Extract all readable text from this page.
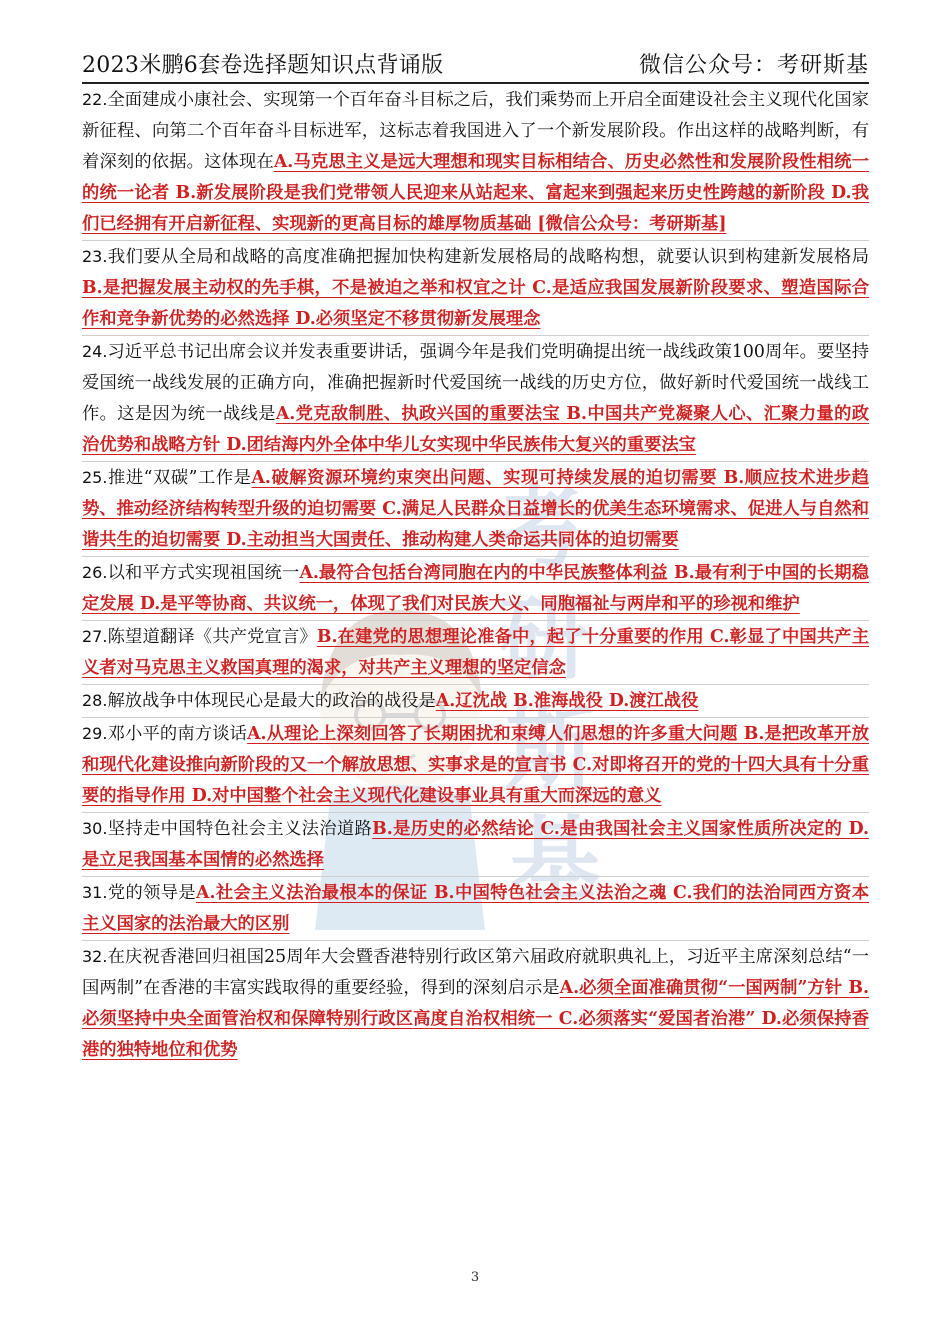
2023米鹏6套卷选择题知识点背诵版	微信公众号：考研斯基
考
研
斯
基

22.全面建成小康社会、实现第一个百年奋斗目标之后，我们乘势而上开启全面建设社会主义现代化国家新征程、向第二个百年奋斗目标进军，这标志着我国进入了一个新发展阶段。作出这样的战略判断，有着深刻的依据。这体现在A.马克思主义是远大理想和现实目标相结合、历史必然性和发展阶段性相统一的统一论者 B.新发展阶段是我们党带领人民迎来从站起来、富起来到强起来历史性跨越的新阶段 D.我们已经拥有开启新征程、实现新的更高目标的雄厚物质基础 [微信公众号：考研斯基]

23.我们要从全局和战略的高度准确把握加快构建新发展格局的战略构想，就要认识到构建新发展格局B.是把握发展主动权的先手棋，不是被迫之举和权宜之计 C.是适应我国发展新阶段要求、塑造国际合作和竞争新优势的必然选择 D.必须坚定不移贯彻新发展理念

24.习近平总书记出席会议并发表重要讲话，强调今年是我们党明确提出统一战线政策100周年。要坚持爱国统一战线发展的正确方向，准确把握新时代爱国统一战线的历史方位，做好新时代爱国统一战线工作。这是因为统一战线是A.党克敌制胜、执政兴国的重要法宝 B.中国共产党凝聚人心、汇聚力量的政治优势和战略方针 D.团结海内外全体中华儿女实现中华民族伟大复兴的重要法宝

25.推进“双碳”工作是A.破解资源环境约束突出问题、实现可持续发展的迫切需要 B.顺应技术进步趋势、推动经济结构转型升级的迫切需要 C.满足人民群众日益增长的优美生态环境需求、促进人与自然和谐共生的迫切需要 D.主动担当大国责任、推动构建人类命运共同体的迫切需要

26.以和平方式实现祖国统一A.最符合包括台湾同胞在内的中华民族整体利益 B.最有利于中国的长期稳定发展 D.是平等协商、共议统一，体现了我们对民族大义、同胞福祉与两岸和平的珍视和维护

27.陈望道翻译《共产党宣言》B.在建党的思想理论准备中，起了十分重要的作用 C.彰显了中国共产主义者对马克思主义救国真理的渴求，对共产主义理想的坚定信念

28.解放战争中体现民心是最大的政治的战役是A.辽沈战 B.淮海战役 D.渡江战役

29.邓小平的南方谈话A.从理论上深刻回答了长期困扰和束缚人们思想的许多重大问题 B.是把改革开放和现代化建设推向新阶段的又一个解放思想、实事求是的宣言书 C.对即将召开的党的十四大具有十分重要的指导作用 D.对中国整个社会主义现代化建设事业具有重大而深远的意义

30.坚持走中国特色社会主义法治道路B.是历史的必然结论 C.是由我国社会主义国家性质所决定的 D.是立足我国基本国情的必然选择

31.党的领导是A.社会主义法治最根本的保证 B.中国特色社会主义法治之魂 C.我们的法治同西方资本主义国家的法治最大的区别

32.在庆祝香港回归祖国25周年大会暨香港特别行政区第六届政府就职典礼上，习近平主席深刻总结“一国两制”在香港的丰富实践取得的重要经验，得到的深刻启示是A.必须全面准确贯彻“一国两制”方针 B.必须坚持中央全面管治权和保障特别行政区高度自治权相统一 C.必须落实“爱国者治港” D.必须保持香港的独特地位和优势

3
